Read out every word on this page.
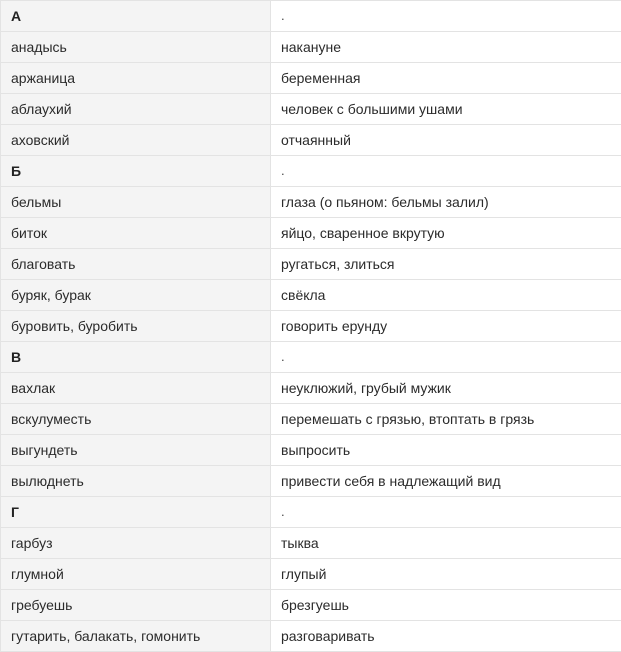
А	.
анадысь	накануне
аржаница	беременная
аблаухий	человек с большими ушами
аховский	отчаянный
Б	.
бельмы	глаза (о пьяном: бельмы залил)
биток	яйцо, сваренное вкрутую
благовать	ругаться, злиться
буряк, бурак	свёкла
буровить, буробить	говорить ерунду
В	.
вахлак	неуклюжий, грубый мужик
вскулуместь	перемешать с грязью, втоптать в грязь
выгундеть	выпросить
вылюднеть	привести себя в надлежащий вид
Г	.
гарбуз	тыква
глумной	глупый
гребуешь	брезгуешь
гутарить, балакать, гомонить	разговаривать
